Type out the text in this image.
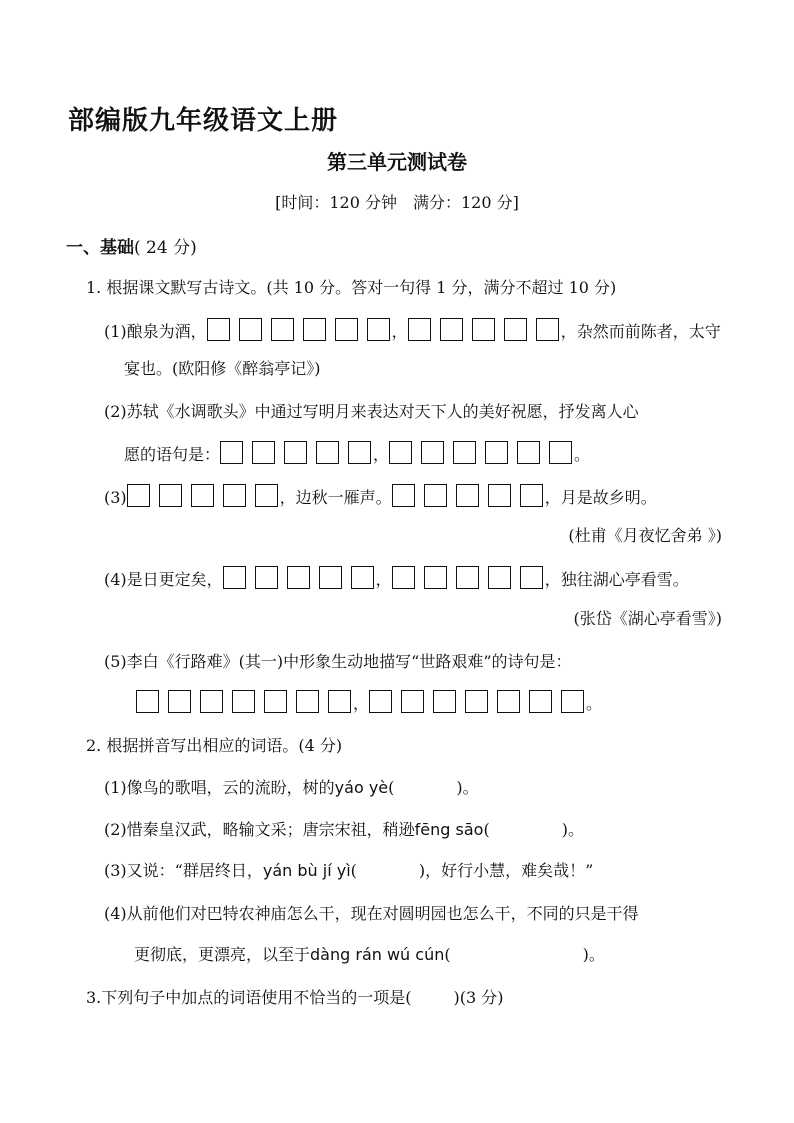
部编版九年级语文上册
第三单元测试卷
[时间：120 分钟　满分：120 分]
一、基础( 24 分)
1. 根据课文默写古诗文。(共 10 分。答对一句得 1 分，满分不超过 10 分)
(1)酿泉为酒，	，	，杂然而前陈者，太守
宴也。(欧阳修《醉翁亭记》)
(2)苏轼《水调歌头》中通过写明月来表达对天下人的美好祝愿，抒发离人心
愿的语句是：	，	。
(3)	，边秋一雁声。	，月是故乡明。
(杜甫《月夜忆舍弟 》)
(4)是日更定矣，	，	，独往湖心亭看雪。
(张岱《湖心亭看雪》)
(5)李白《行路难》(其一)中形象生动地描写“世路艰难”的诗句是：
，	。
2. 根据拼音写出相应的词语。(4 分)
(1)像鸟的歌唱，云的流盼，树的yáo yè(	)。
(2)惜秦皇汉武，略输文采；唐宗宋祖，稍逊fēng sāo(	)。
(3)又说：“群居终日，yán bù jí yì(	)，好行小慧，难矣哉！”
(4)从前他们对巴特农神庙怎么干，现在对圆明园也怎么干，不同的只是干得
更彻底，更漂亮，以至于dàng rán wú cún(	)。
3.下列句子中加点的词语使用不恰当的一项是(	)(3 分)
